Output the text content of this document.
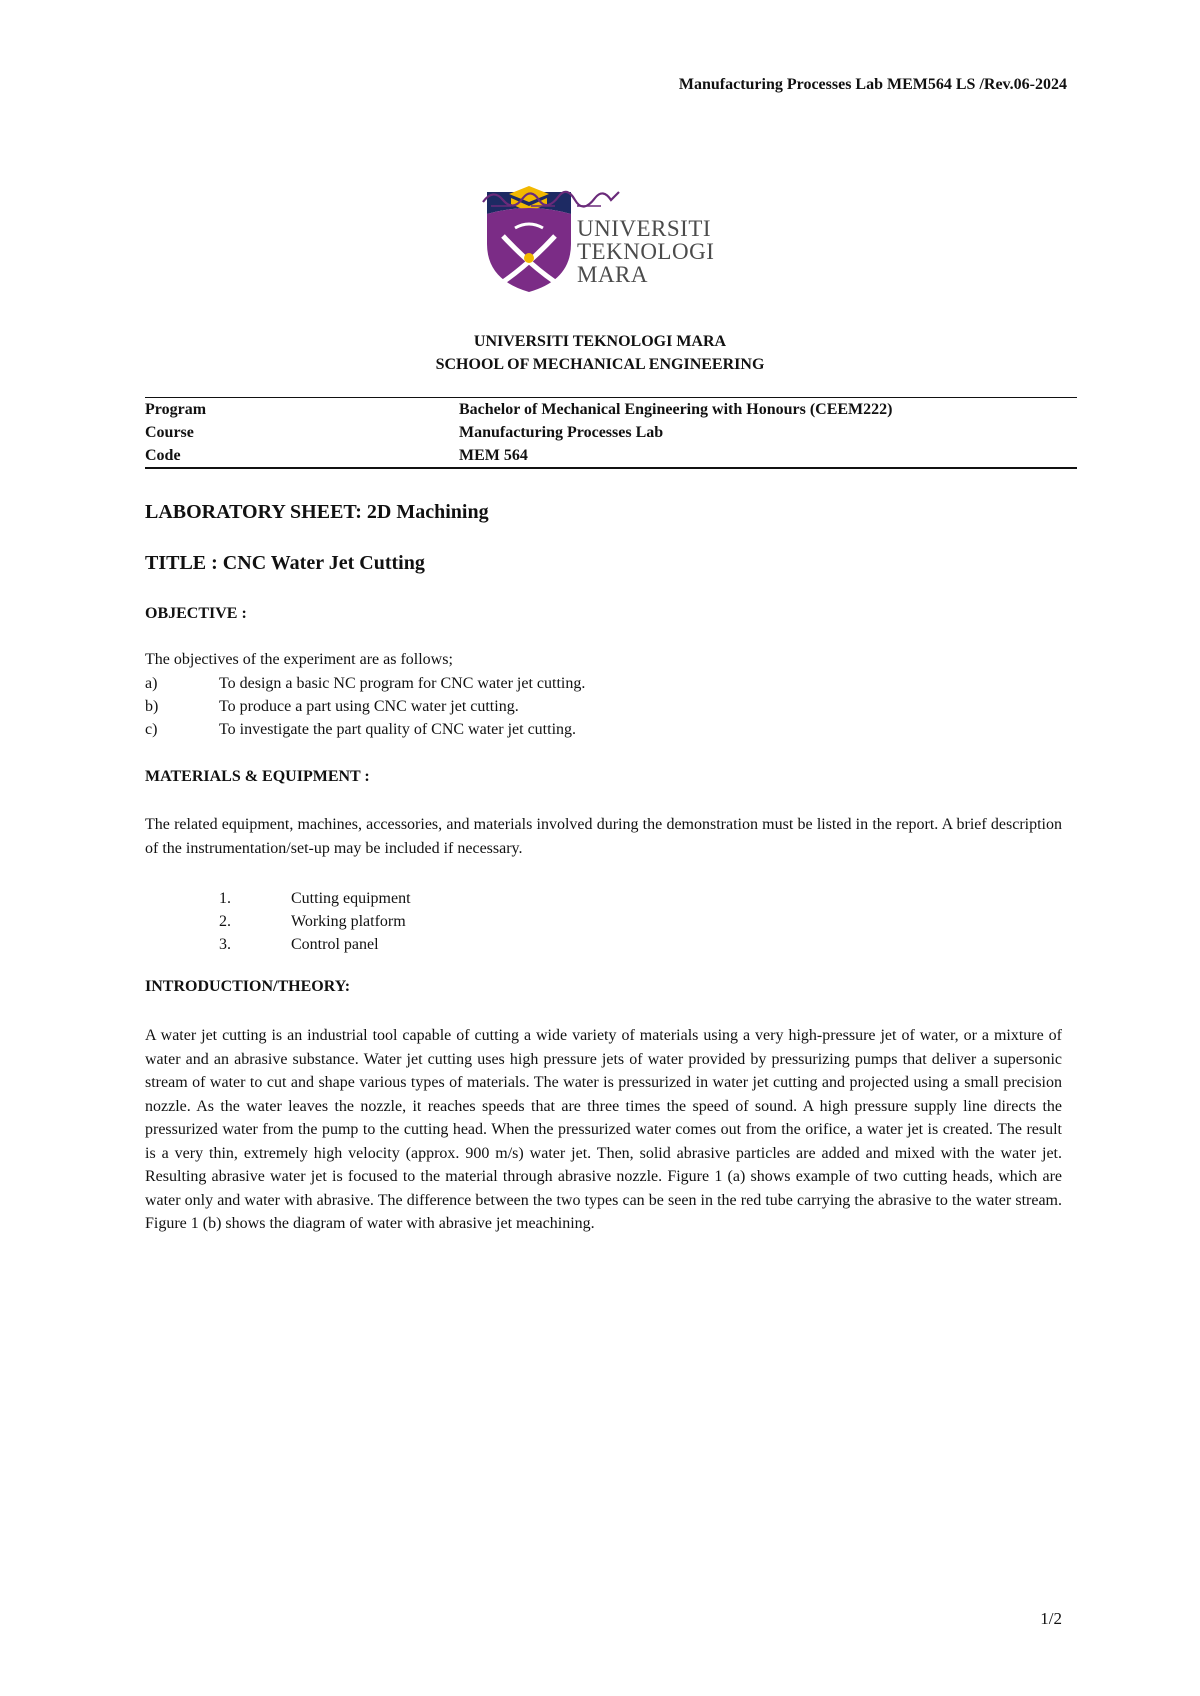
Manufacturing Processes Lab MEM564 LS /Rev.06-2024
UNIVERSITI
TEKNOLOGI
MARA
UNIVERSITI TEKNOLOGI MARA
SCHOOL OF MECHANICAL ENGINEERING
Program	Bachelor of Mechanical Engineering with Honours (CEEM222)
Course	Manufacturing Processes Lab
Code	MEM 564
LABORATORY SHEET: 2D Machining
TITLE : CNC Water Jet Cutting
OBJECTIVE :
The objectives of the experiment are as follows;
a)	To design a basic NC program for CNC water jet cutting.
b)	To produce a part using CNC water jet cutting.
c)	To investigate the part quality of CNC water jet cutting.
MATERIALS & EQUIPMENT :
The related equipment, machines, accessories, and materials involved during the demonstration must be listed in the report. A brief description of the instrumentation/set-up may be included if necessary.
1.	Cutting equipment
2.	Working platform
3.	Control panel
INTRODUCTION/THEORY:
A water jet cutting is an industrial tool capable of cutting a wide variety of materials using a very high-pressure jet of water, or a mixture of water and an abrasive substance. Water jet cutting uses high pressure jets of water provided by pressurizing pumps that deliver a supersonic stream of water to cut and shape various types of materials. The water is pressurized in water jet cutting and projected using a small precision nozzle. As the water leaves the nozzle, it reaches speeds that are three times the speed of sound. A high pressure supply line directs the pressurized water from the pump to the cutting head. When the pressurized water comes out from the orifice, a water jet is created. The result is a very thin, extremely high velocity (approx. 900 m/s) water jet. Then, solid abrasive particles are added and mixed with the water jet. Resulting abrasive water jet is focused to the material through abrasive nozzle. Figure 1 (a) shows example of two cutting heads, which are water only and water with abrasive. The difference between the two types can be seen in the red tube carrying the abrasive to the water stream. Figure 1 (b) shows the diagram of water with abrasive jet meachining.
1/2
